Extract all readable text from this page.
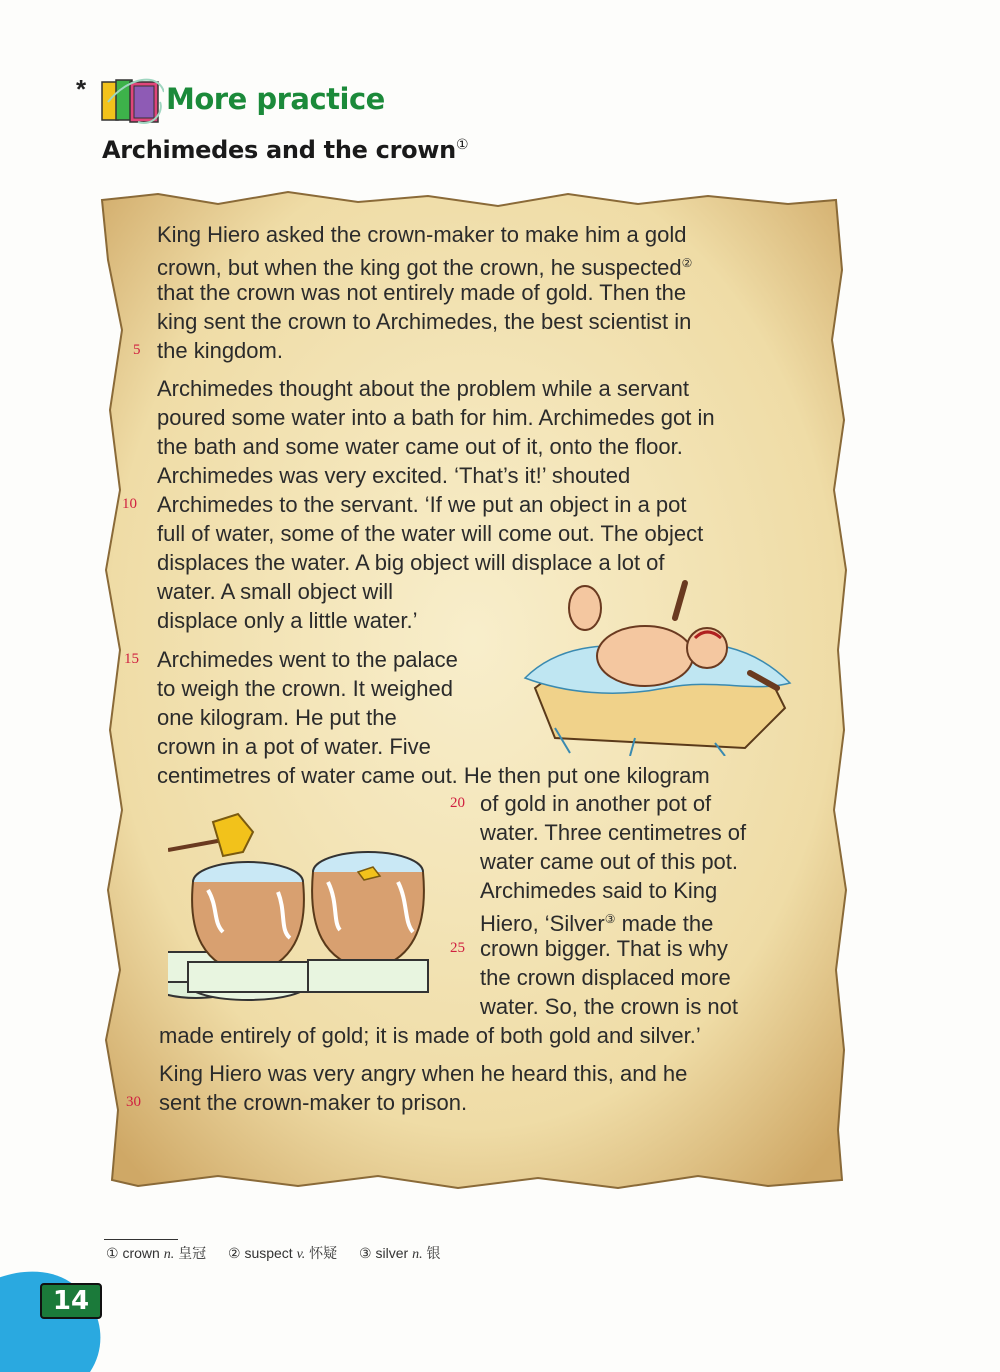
*	More practice
Archimedes and the crown①
King Hiero asked the crown-maker to make him a gold
crown, but when the king got the crown, he suspected②
that the crown was not entirely made of gold. Then the
king sent the crown to Archimedes, the best scientist in
the kingdom.
Archimedes thought about the problem while a servant
poured some water into a bath for him. Archimedes got in
the bath and some water came out of it, onto the floor.
Archimedes was very excited. ‘That’s it!’ shouted
Archimedes to the servant. ‘If we put an object in a pot
full of water, some of the water will come out. The object
displaces the water. A big object will displace a lot of
water. A small object will
displace only a little water.’
Archimedes went to the palace
to weigh the crown. It weighed
one kilogram. He put the
crown in a pot of water. Five
centimetres of water came out. He then put one kilogram
of gold in another pot of
water. Three centimetres of
water came out of this pot.
Archimedes said to King
Hiero, ‘Silver③ made the
crown bigger. That is why
the crown displaced more
water. So, the crown is not
made entirely of gold; it is made of both gold and silver.’
King Hiero was very angry when he heard this, and he
sent the crown-maker to prison.
5
10
15
20
25
30
① crown n. 皇冠 ② suspect v. 怀疑 ③ silver n. 银
14
